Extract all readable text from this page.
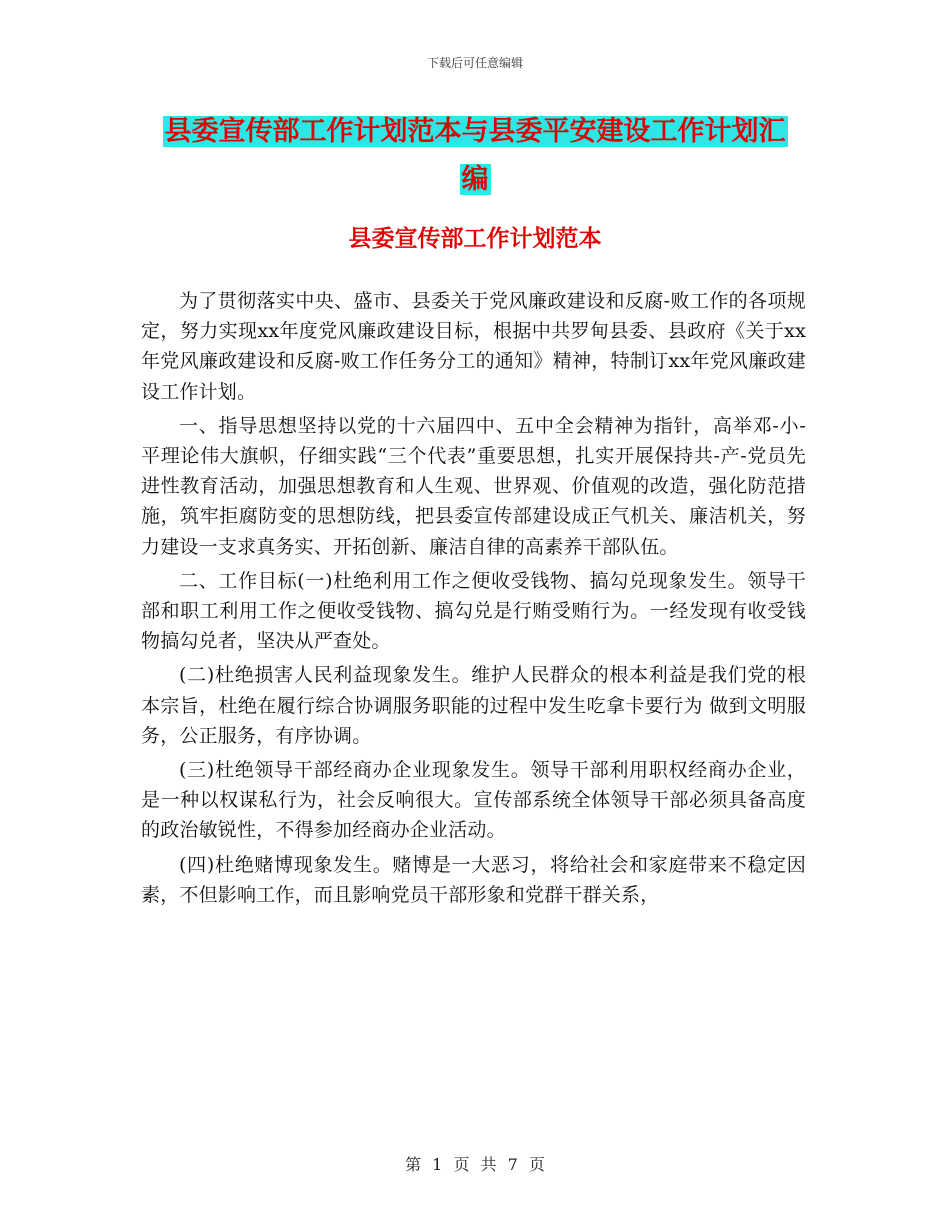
下载后可任意编辑
县委宣传部工作计划范本与县委平安建设工作计划汇
编
县委宣传部工作计划范本

为了贯彻落实中央、盛市、县委关于党风廉政建设和反腐-败工作的各项规定，努力实现xx年度党风廉政建设目标，根据中共罗甸县委、县政府《关于xx年党风廉政建设和反腐-败工作任务分工的通知》精神，特制订xx年党风廉政建设工作计划。

一、指导思想坚持以党的十六届四中、五中全会精神为指针，高举邓-小-平理论伟大旗帜，仔细实践“三个代表”重要思想，扎实开展保持共-产-党员先进性教育活动，加强思想教育和人生观、世界观、价值观的改造，强化防范措施，筑牢拒腐防变的思想防线，把县委宣传部建设成正气机关、廉洁机关，努力建设一支求真务实、开拓创新、廉洁自律的高素养干部队伍。

二、工作目标(一)杜绝利用工作之便收受钱物、搞勾兑现象发生。领导干部和职工利用工作之便收受钱物、搞勾兑是行贿受贿行为。一经发现有收受钱物搞勾兑者，坚决从严查处。

(二)杜绝损害人民利益现象发生。维护人民群众的根本利益是我们党的根本宗旨，杜绝在履行综合协调服务职能的过程中发生吃拿卡要行为 做到文明服务，公正服务，有序协调。

(三)杜绝领导干部经商办企业现象发生。领导干部利用职权经商办企业，是一种以权谋私行为，社会反响很大。宣传部系统全体领导干部必须具备高度的政治敏锐性，不得参加经商办企业活动。

(四)杜绝赌博现象发生。赌博是一大恶习，将给社会和家庭带来不稳定因素，不但影响工作，而且影响党员干部形象和党群干群关系，

第 1 页 共 7 页
